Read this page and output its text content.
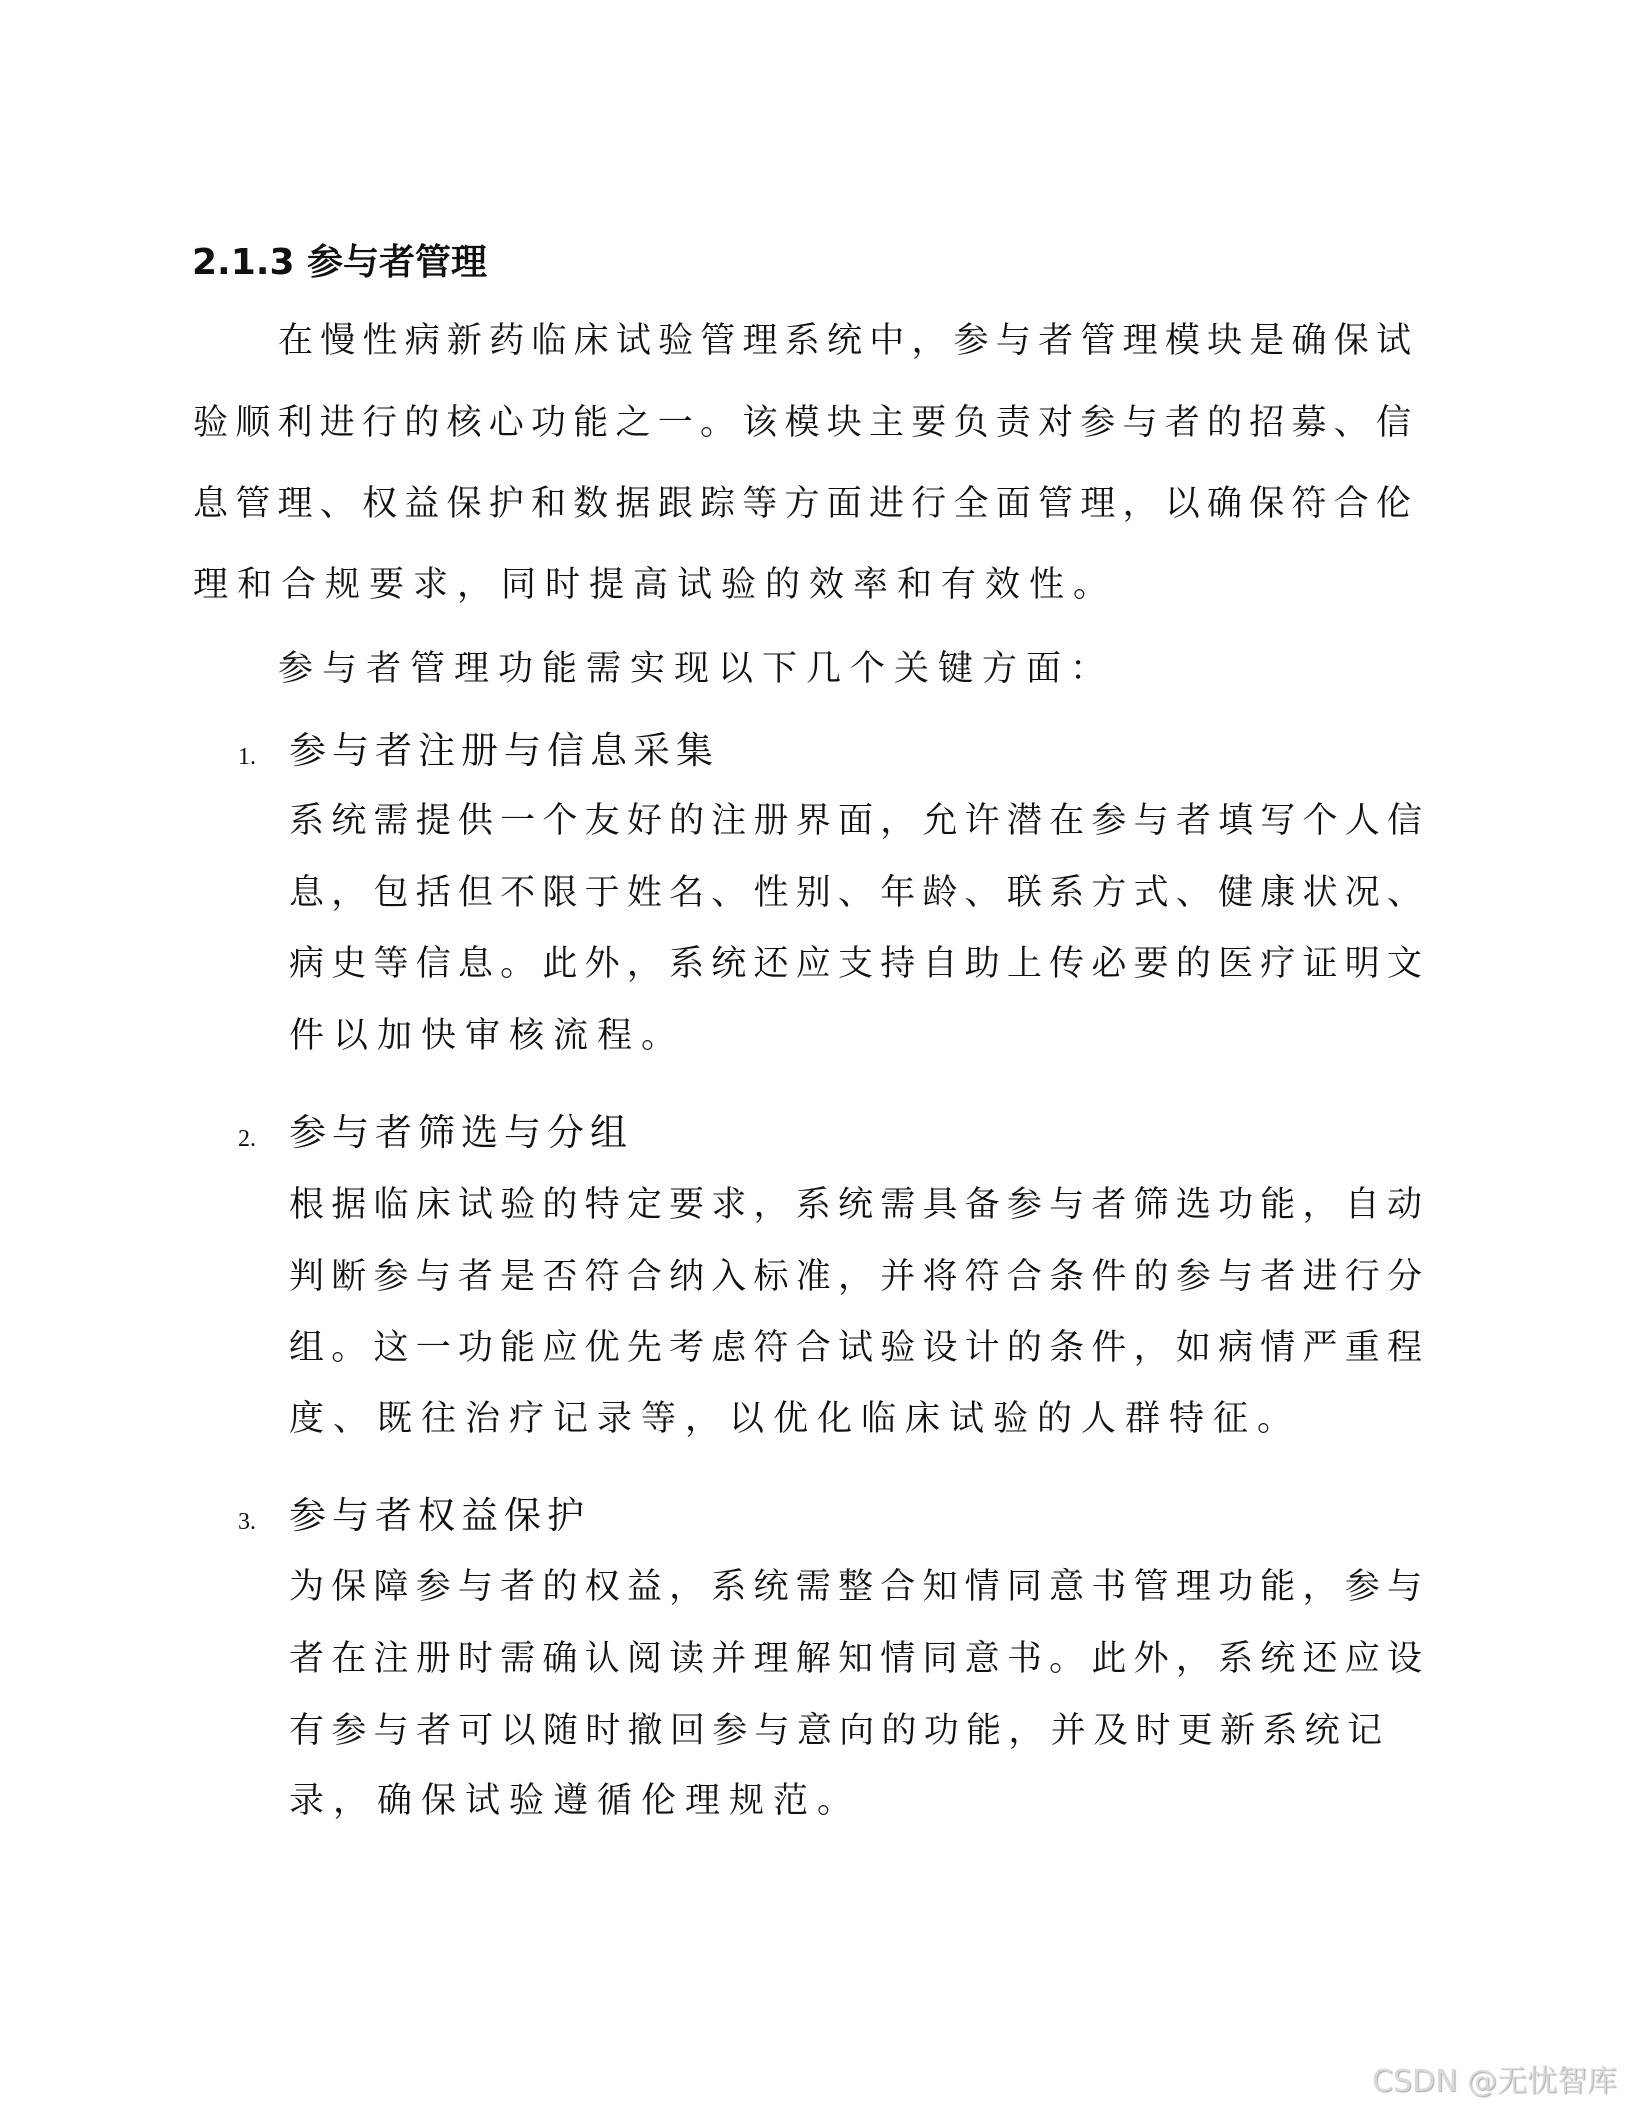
2.1.3 参与者管理
在慢性病新药临床试验管理系统中，参与者管理模块是确保试
验顺利进行的核心功能之一。该模块主要负责对参与者的招募、信
息管理、权益保护和数据跟踪等方面进行全面管理，以确保符合伦
理和合规要求，同时提高试验的效率和有效性。
参与者管理功能需实现以下几个关键方面：
1. 参与者注册与信息采集
系统需提供一个友好的注册界面，允许潜在参与者填写个人信
息，包括但不限于姓名、性别、年龄、联系方式、健康状况、
病史等信息。此外，系统还应支持自助上传必要的医疗证明文
件以加快审核流程。
2. 参与者筛选与分组
根据临床试验的特定要求，系统需具备参与者筛选功能，自动
判断参与者是否符合纳入标准，并将符合条件的参与者进行分
组。这一功能应优先考虑符合试验设计的条件，如病情严重程
度、既往治疗记录等，以优化临床试验的人群特征。
3. 参与者权益保护
为保障参与者的权益，系统需整合知情同意书管理功能，参与
者在注册时需确认阅读并理解知情同意书。此外，系统还应设
有参与者可以随时撤回参与意向的功能，并及时更新系统记
录，确保试验遵循伦理规范。
CSDN @无忧智库
